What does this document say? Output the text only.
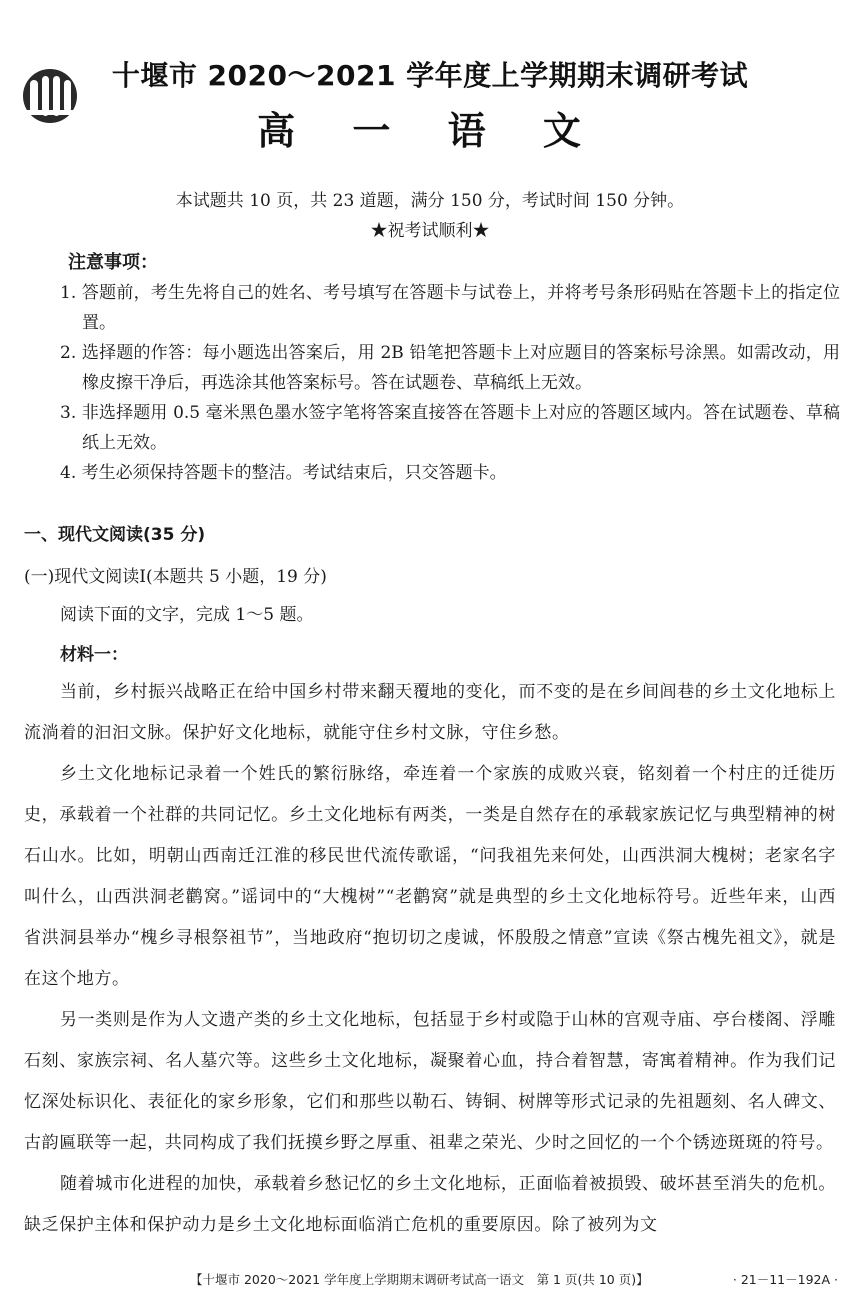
十堰市 2020～2021 学年度上学期期末调研考试
高 一 语 文
本试题共 10 页，共 23 道题，满分 150 分，考试时间 150 分钟。
★祝考试顺利★
注意事项：
1. 答题前，考生先将自己的姓名、考号填写在答题卡与试卷上，并将考号条形码贴在答题卡上的指定位置。
2. 选择题的作答：每小题选出答案后，用 2B 铅笔把答题卡上对应题目的答案标号涂黑。如需改动，用橡皮擦干净后，再选涂其他答案标号。答在试题卷、草稿纸上无效。
3. 非选择题用 0.5 毫米黑色墨水签字笔将答案直接答在答题卡上对应的答题区域内。答在试题卷、草稿纸上无效。
4. 考生必须保持答题卡的整洁。考试结束后，只交答题卡。
一、现代文阅读(35 分)
(一)现代文阅读Ⅰ(本题共 5 小题，19 分)
阅读下面的文字，完成 1～5 题。
材料一：

当前，乡村振兴战略正在给中国乡村带来翻天覆地的变化，而不变的是在乡间闾巷的乡土文化地标上流淌着的汩汩文脉。保护好文化地标，就能守住乡村文脉，守住乡愁。

乡土文化地标记录着一个姓氏的繁衍脉络，牵连着一个家族的成败兴衰，铭刻着一个村庄的迁徙历史，承载着一个社群的共同记忆。乡土文化地标有两类，一类是自然存在的承载家族记忆与典型精神的树石山水。比如，明朝山西南迁江淮的移民世代流传歌谣，“问我祖先来何处，山西洪洞大槐树；老家名字叫什么，山西洪洞老鹳窝。”谣词中的“大槐树”“老鹳窝”就是典型的乡土文化地标符号。近些年来，山西省洪洞县举办“槐乡寻根祭祖节”，当地政府“抱切切之虔诚，怀殷殷之情意”宣读《祭古槐先祖文》，就是在这个地方。

另一类则是作为人文遗产类的乡土文化地标，包括显于乡村或隐于山林的宫观寺庙、亭台楼阁、浮雕石刻、家族宗祠、名人墓穴等。这些乡土文化地标，凝聚着心血，持合着智慧，寄寓着精神。作为我们记忆深处标识化、表征化的家乡形象，它们和那些以勒石、铸铜、树牌等形式记录的先祖题刻、名人碑文、古韵匾联等一起，共同构成了我们抚摸乡野之厚重、祖辈之荣光、少时之回忆的一个个锈迹斑斑的符号。

随着城市化进程的加快，承载着乡愁记忆的乡土文化地标，正面临着被损毁、破坏甚至消失的危机。缺乏保护主体和保护动力是乡土文化地标面临消亡危机的重要原因。除了被列为文

【十堰市 2020～2021 学年度上学期期末调研考试高一语文　第 1 页(共 10 页)】	· 21－11－192A ·
